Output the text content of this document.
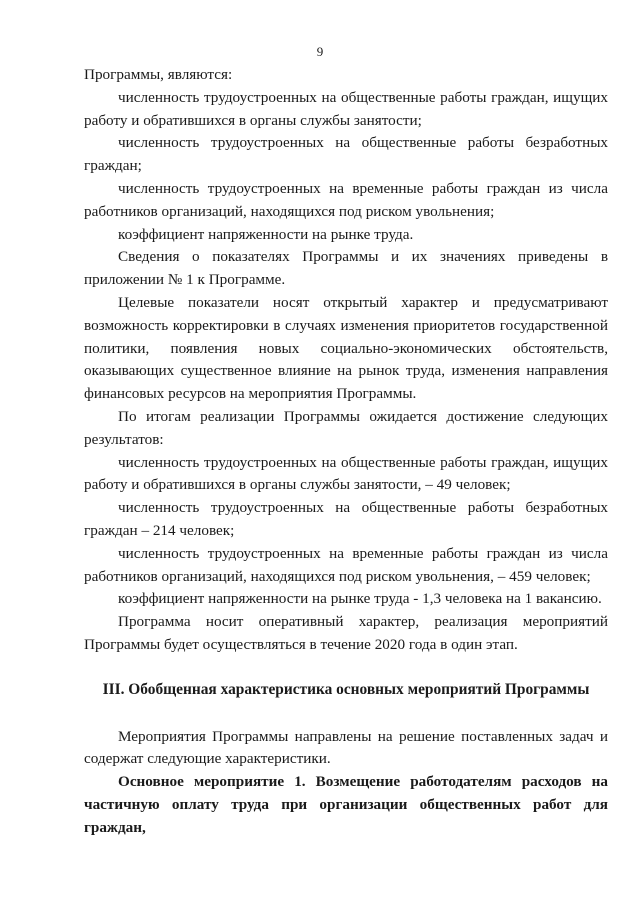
9

Программы, являются:

численность трудоустроенных на общественные работы граждан, ищущих работу и обратившихся в органы службы занятости;

численность трудоустроенных на общественные работы безработных граждан;

численность трудоустроенных на временные работы граждан из числа работников организаций, находящихся под риском увольнения;

коэффициент напряженности на рынке труда.

Сведения о показателях Программы и их значениях приведены в приложении № 1 к Программе.

Целевые показатели носят открытый характер и предусматривают возможность корректировки в случаях изменения приоритетов государственной политики, появления новых социально-экономических обстоятельств, оказывающих существенное влияние на рынок труда, изменения направления финансовых ресурсов на мероприятия Программы.

По итогам реализации Программы ожидается достижение следующих результатов:

численность трудоустроенных на общественные работы граждан, ищущих работу и обратившихся в органы службы занятости, – 49 человек;

численность трудоустроенных на общественные работы безработных граждан – 214 человек;

численность трудоустроенных на временные работы граждан из числа работников организаций, находящихся под риском увольнения, – 459 человек;

коэффициент напряженности на рынке труда - 1,3 человека на 1 вакансию.

Программа носит оперативный характер, реализация мероприятий Программы будет осуществляться в течение 2020 года в один этап.

III. Обобщенная характеристика основных мероприятий Программы

Мероприятия Программы направлены на решение поставленных задач и содержат следующие характеристики.

Основное мероприятие 1. Возмещение работодателям расходов на частичную оплату труда при организации общественных работ для граждан,
